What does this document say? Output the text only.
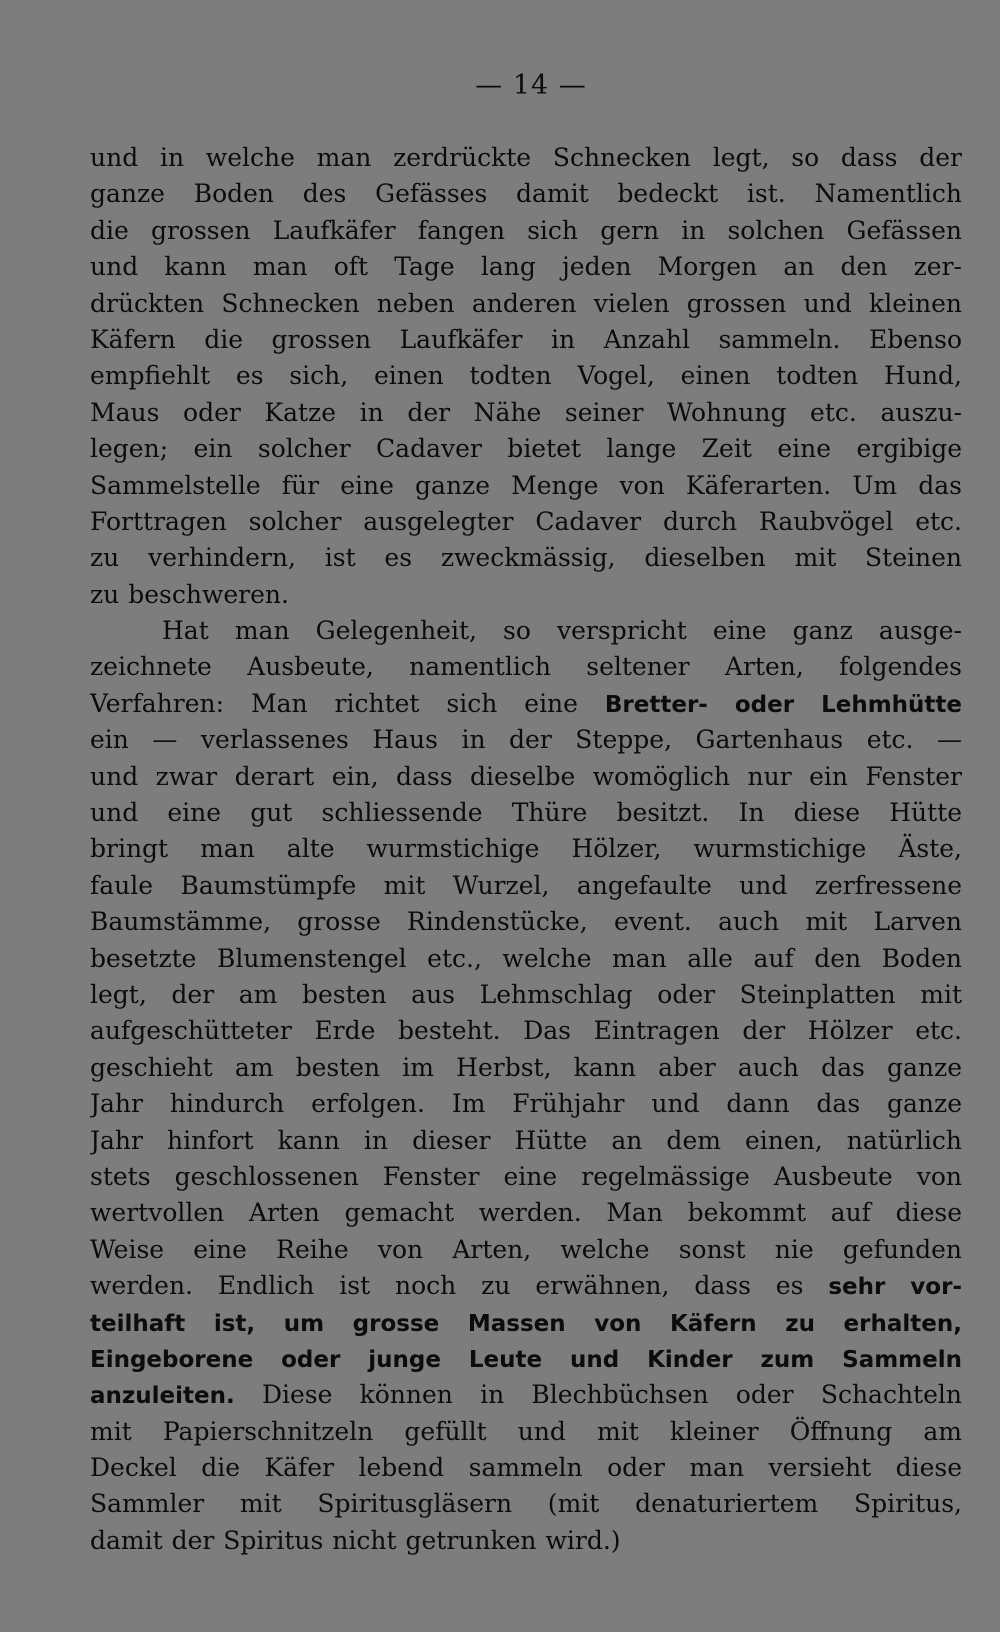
— 14 —
und in welche man zerdrückte Schnecken legt, so dass der
ganze Boden des Gefässes damit bedeckt ist. Namentlich
die grossen Laufkäfer fangen sich gern in solchen Gefässen
und kann man oft Tage lang jeden Morgen an den zer-
drückten Schnecken neben anderen vielen grossen und kleinen
Käfern die grossen Laufkäfer in Anzahl sammeln. Ebenso
empfiehlt es sich, einen todten Vogel, einen todten Hund,
Maus oder Katze in der Nähe seiner Wohnung etc. auszu-
legen; ein solcher Cadaver bietet lange Zeit eine ergibige
Sammelstelle für eine ganze Menge von Käferarten. Um das
Forttragen solcher ausgelegter Cadaver durch Raubvögel etc.
zu verhindern, ist es zweckmässig, dieselben mit Steinen
zu beschweren.
Hat man Gelegenheit, so verspricht eine ganz ausge-
zeichnete Ausbeute, namentlich seltener Arten, folgendes
Verfahren: Man richtet sich eine Bretter- oder Lehmhütte
ein — verlassenes Haus in der Steppe, Gartenhaus etc. —
und zwar derart ein, dass dieselbe womöglich nur ein Fenster
und eine gut schliessende Thüre besitzt. In diese Hütte
bringt man alte wurmstichige Hölzer, wurmstichige Äste,
faule Baumstümpfe mit Wurzel, angefaulte und zerfressene
Baumstämme, grosse Rindenstücke, event. auch mit Larven
besetzte Blumenstengel etc., welche man alle auf den Boden
legt, der am besten aus Lehmschlag oder Steinplatten mit
aufgeschütteter Erde besteht. Das Eintragen der Hölzer etc.
geschieht am besten im Herbst, kann aber auch das ganze
Jahr hindurch erfolgen. Im Frühjahr und dann das ganze
Jahr hinfort kann in dieser Hütte an dem einen, natürlich
stets geschlossenen Fenster eine regelmässige Ausbeute von
wertvollen Arten gemacht werden. Man bekommt auf diese
Weise eine Reihe von Arten, welche sonst nie gefunden
werden. Endlich ist noch zu erwähnen, dass es sehr vor-
teilhaft ist, um grosse Massen von Käfern zu erhalten,
Eingeborene oder junge Leute und Kinder zum Sammeln
anzuleiten. Diese können in Blechbüchsen oder Schachteln
mit Papierschnitzeln gefüllt und mit kleiner Öffnung am
Deckel die Käfer lebend sammeln oder man versieht diese
Sammler mit Spiritusgläsern (mit denaturiertem Spiritus,
damit der Spiritus nicht getrunken wird.)
